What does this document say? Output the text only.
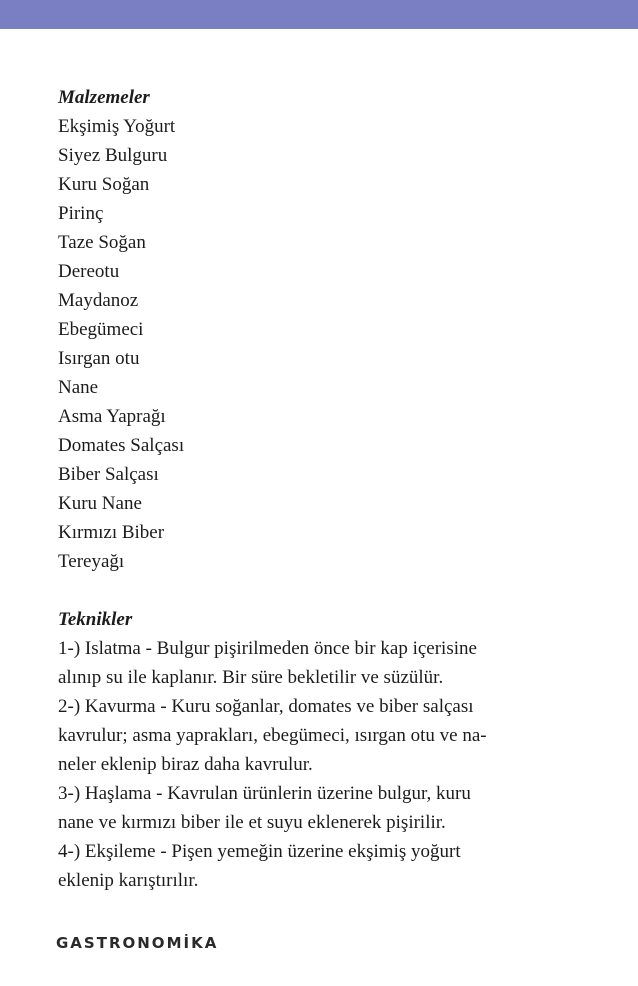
Malzemeler
Ekşimiş Yoğurt
Siyez Bulguru
Kuru Soğan
Pirinç
Taze Soğan
Dereotu
Maydanoz
Ebegümeci
Isırgan otu
Nane
Asma Yaprağı
Domates Salçası
Biber Salçası
Kuru Nane
Kırmızı Biber
Tereyağı
Teknikler

1-) Islatma - Bulgur pişirilmeden önce bir kap içerisine

alınıp su ile kaplanır. Bir süre bekletilir ve süzülür.

2-) Kavurma - Kuru soğanlar, domates ve biber salçası

kavrulur; asma yaprakları, ebegümeci, ısırgan otu ve na-

neler eklenip biraz daha kavrulur.

3-) Haşlama - Kavrulan ürünlerin üzerine bulgur, kuru

nane ve kırmızı biber ile et suyu eklenerek pişirilir.

4-) Ekşileme - Pişen yemeğin üzerine ekşimiş yoğurt

eklenip karıştırılır.

GASTRONOMİKA
